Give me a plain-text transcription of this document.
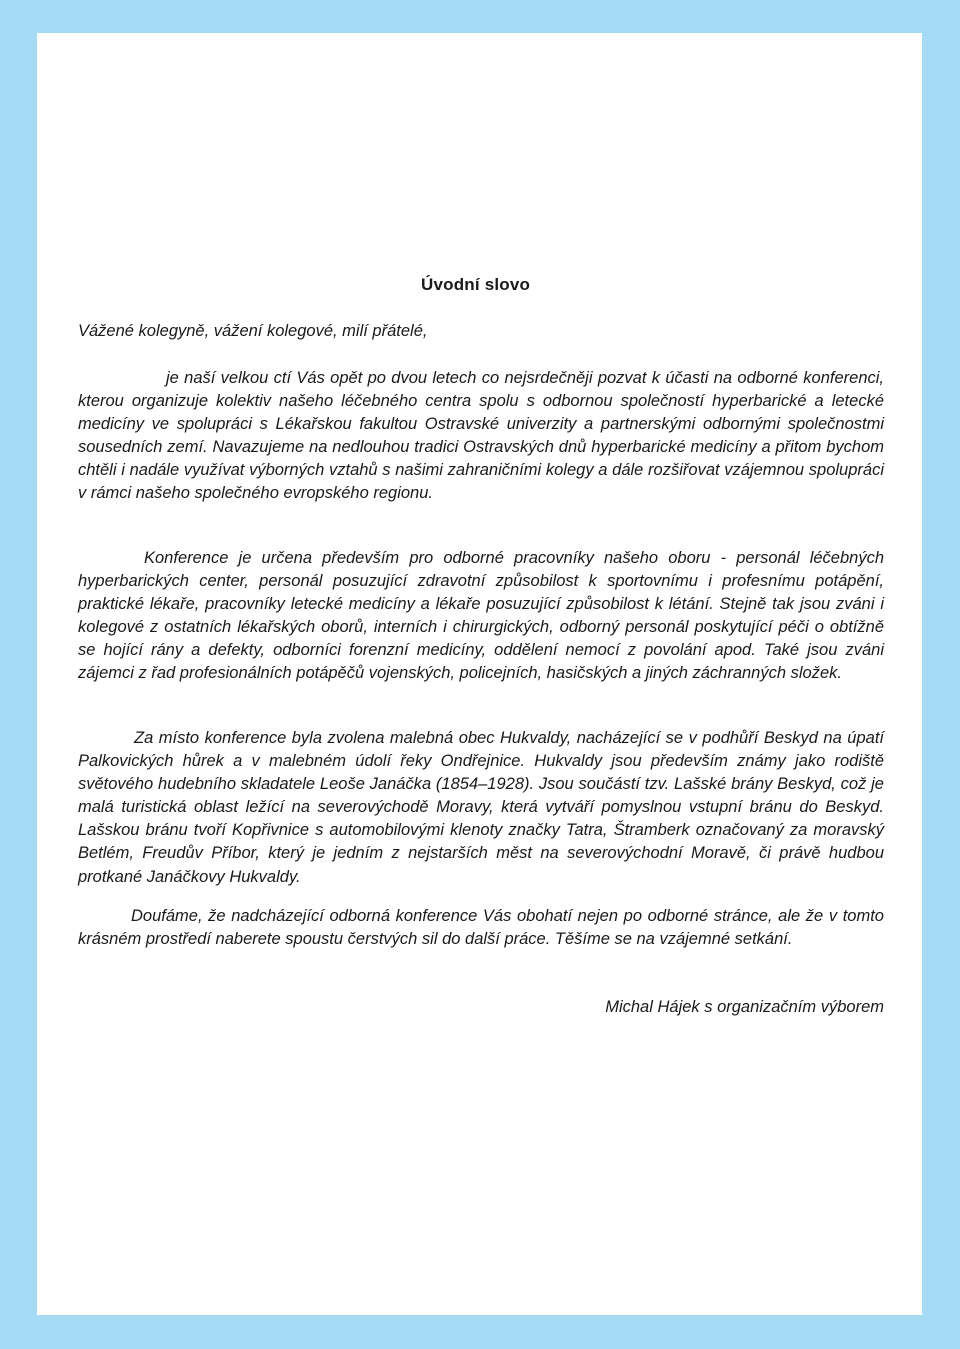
Úvodní slovo

Vážené kolegyně, vážení kolegové, milí přátelé,

je naší velkou ctí Vás opět po dvou letech co nejsrdečněji pozvat k účasti na odborné konferenci, kterou organizuje kolektiv našeho léčebného centra spolu s odbornou společností hyperbarické a letecké medicíny ve spolupráci s Lékařskou fakultou Ostravské univerzity a partnerskými odbornými společnostmi sousedních zemí. Navazujeme na nedlouhou tradici Ostravských dnů hyperbarické medicíny a přitom bychom chtěli i nadále využívat výborných vztahů s našimi zahraničními kolegy a dále rozšiřovat vzájemnou spolupráci v rámci našeho společného evropského regionu.

Konference je určena především pro odborné pracovníky našeho oboru - personál léčebných hyperbarických center, personál posuzující zdravotní způsobilost k sportovnímu i profesnímu potápění, praktické lékaře, pracovníky letecké medicíny a lékaře posuzující způsobilost k létání. Stejně tak jsou zváni i kolegové z ostatních lékařských oborů, interních i chirurgických, odborný personál poskytující péči o obtížně se hojící rány a defekty, odborníci forenzní medicíny, oddělení nemocí z povolání apod. Také jsou zváni zájemci z řad profesionálních potápěčů vojenských, policejních, hasičských a jiných záchranných složek.

Za místo konference byla zvolena malebná obec Hukvaldy, nacházející se v podhůří Beskyd na úpatí Palkovických hůrek a v malebném údolí řeky Ondřejnice. Hukvaldy jsou především známy jako rodiště světového hudebního skladatele Leoše Janáčka (1854–1928). Jsou součástí tzv. Lašské brány Beskyd, což je malá turistická oblast ležící na severovýchodě Moravy, která vytváří pomyslnou vstupní bránu do Beskyd. Lašskou bránu tvoří Kopřivnice s automobilovými klenoty značky Tatra, Štramberk označovaný za moravský Betlém, Freudův Příbor, který je jedním z nejstarších měst na severovýchodní Moravě, či právě hudbou protkané Janáčkovy Hukvaldy.

Doufáme, že nadcházející odborná konference Vás obohatí nejen po odborné stránce, ale že v tomto krásném prostředí naberete spoustu čerstvých sil do další práce. Těšíme se na vzájemné setkání.

Michal Hájek s organizačním výborem
